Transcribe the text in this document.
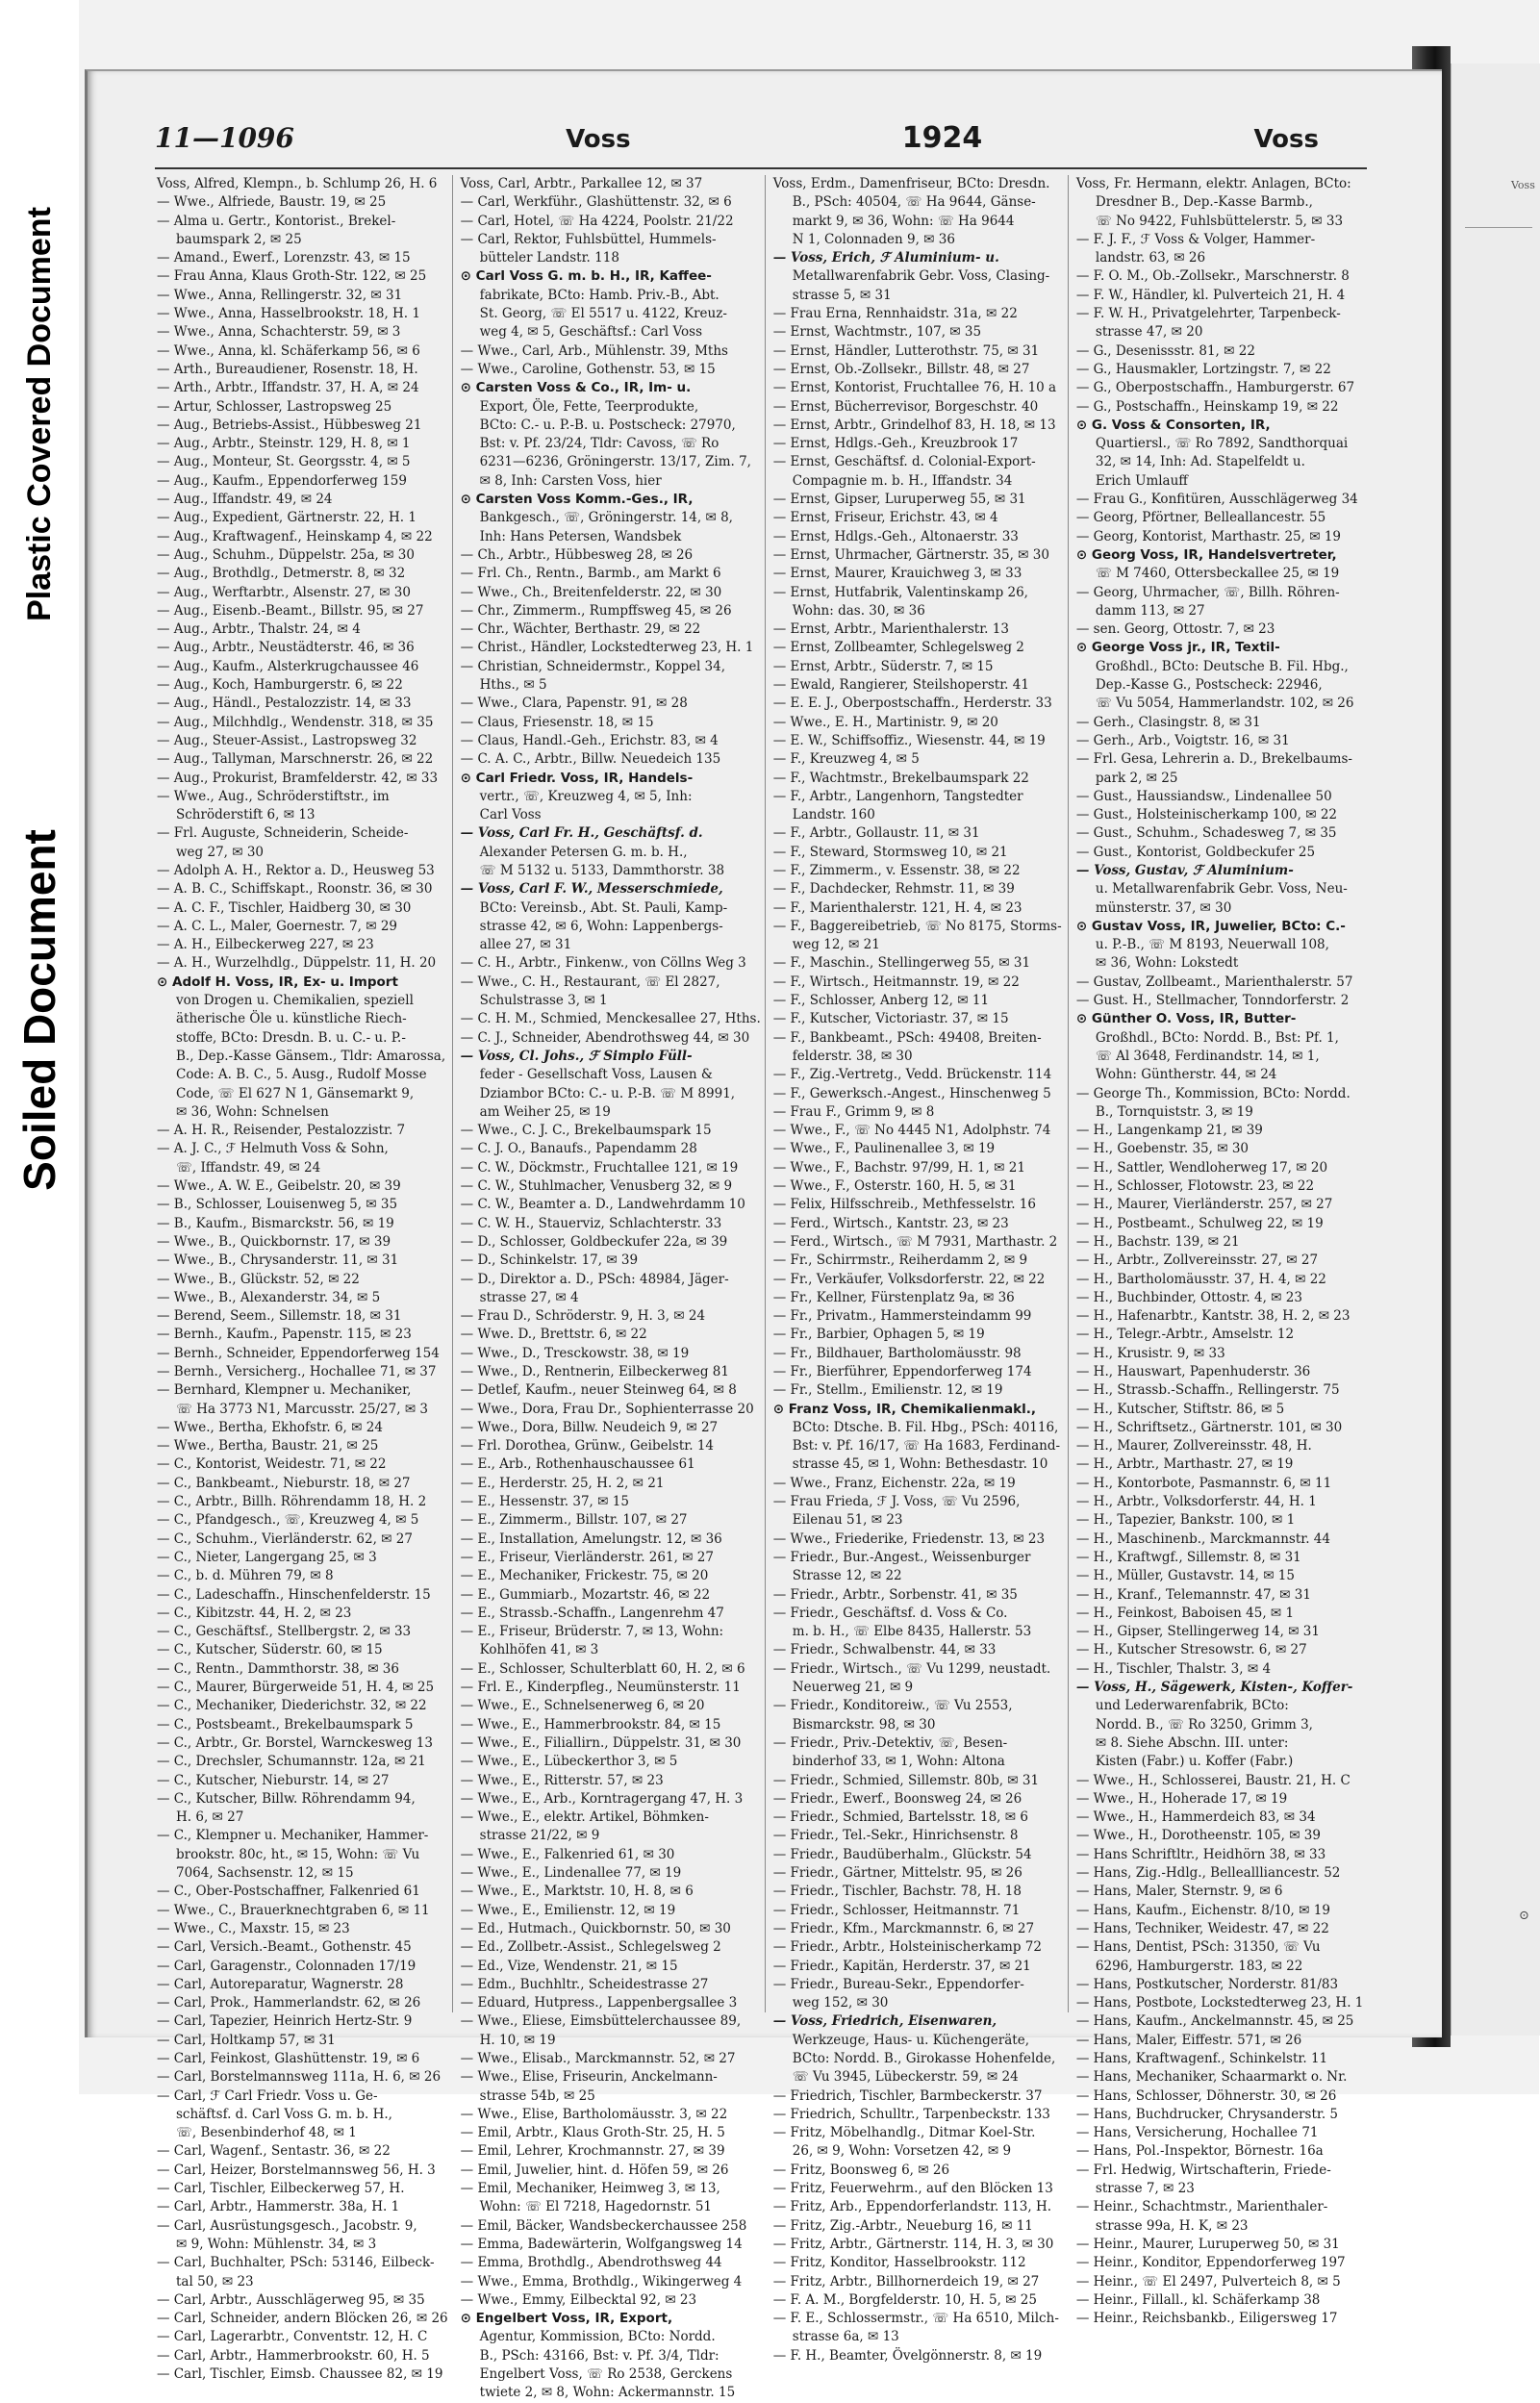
Plastic Covered Document
Soiled Document
Voss
⊙
11—1096	Voss	1924	Voss
Voss, Alfred, Klempn., b. Schlump 26, H. 6
— Wwe., Alfriede, Baustr. 19, ✉ 25
— Alma u. Gertr., Kontorist., Brekel-
baumspark 2, ✉ 25
— Amand., Ewerf., Lorenzstr. 43, ✉ 15
— Frau Anna, Klaus Groth-Str. 122, ✉ 25
— Wwe., Anna, Rellingerstr. 32, ✉ 31
— Wwe., Anna, Hasselbrookstr. 18, H. 1
— Wwe., Anna, Schachterstr. 59, ✉ 3
— Wwe., Anna, kl. Schäferkamp 56, ✉ 6
— Arth., Bureaudiener, Rosenstr. 18, H.
— Arth., Arbtr., Iffandstr. 37, H. A, ✉ 24
— Artur, Schlosser, Lastropsweg 25
— Aug., Betriebs-Assist., Hübbesweg 21
— Aug., Arbtr., Steinstr. 129, H. 8, ✉ 1
— Aug., Monteur, St. Georgsstr. 4, ✉ 5
— Aug., Kaufm., Eppendorferweg 159
— Aug., Iffandstr. 49, ✉ 24
— Aug., Expedient, Gärtnerstr. 22, H. 1
— Aug., Kraftwagenf., Heinskamp 4, ✉ 22
— Aug., Schuhm., Düppelstr. 25a, ✉ 30
— Aug., Brothdlg., Detmerstr. 8, ✉ 32
— Aug., Werftarbtr., Alsenstr. 27, ✉ 30
— Aug., Eisenb.-Beamt., Billstr. 95, ✉ 27
— Aug., Arbtr., Thalstr. 24, ✉ 4
— Aug., Arbtr., Neustädterstr. 46, ✉ 36
— Aug., Kaufm., Alsterkrugchaussee 46
— Aug., Koch, Hamburgerstr. 6, ✉ 22
— Aug., Händl., Pestalozzistr. 14, ✉ 33
— Aug., Milchhdlg., Wendenstr. 318, ✉ 35
— Aug., Steuer-Assist., Lastropsweg 32
— Aug., Tallyman, Marschnerstr. 26, ✉ 22
— Aug., Prokurist, Bramfelderstr. 42, ✉ 33
— Wwe., Aug., Schröderstiftstr., im
Schröderstift 6, ✉ 13
— Frl. Auguste, Schneiderin, Scheide-
weg 27, ✉ 30
— Adolph A. H., Rektor a. D., Heusweg 53
— A. B. C., Schiffskapt., Roonstr. 36, ✉ 30
— A. C. F., Tischler, Haidberg 30, ✉ 30
— A. C. L., Maler, Goernestr. 7, ✉ 29
— A. H., Eilbeckerweg 227, ✉ 23
— A. H., Wurzelhdlg., Düppelstr. 11, H. 20
⊙ Adolf H. Voss, IR, Ex- u. Import
von Drogen u. Chemikalien, speziell
ätherische Öle u. künstliche Riech-
stoffe, BCto: Dresdn. B. u. C.- u. P.-
B., Dep.-Kasse Gänsem., Tldr: Amarossa,
Code: A. B. C., 5. Ausg., Rudolf Mosse
Code, ☏ El 627 N 1, Gänsemarkt 9,
✉ 36, Wohn: Schnelsen
— A. H. R., Reisender, Pestalozzistr. 7
— A. J. C., ℱ Helmuth Voss & Sohn,
☏, Iffandstr. 49, ✉ 24
— Wwe., A. W. E., Geibelstr. 20, ✉ 39
— B., Schlosser, Louisenweg 5, ✉ 35
— B., Kaufm., Bismarckstr. 56, ✉ 19
— Wwe., B., Quickbornstr. 17, ✉ 39
— Wwe., B., Chrysanderstr. 11, ✉ 31
— Wwe., B., Glückstr. 52, ✉ 22
— Wwe., B., Alexanderstr. 34, ✉ 5
— Berend, Seem., Sillemstr. 18, ✉ 31
— Bernh., Kaufm., Papenstr. 115, ✉ 23
— Bernh., Schneider, Eppendorferweg 154
— Bernh., Versicherg., Hochallee 71, ✉ 37
— Bernhard, Klempner u. Mechaniker,
☏ Ha 3773 N1, Marcusstr. 25/27, ✉ 3
— Wwe., Bertha, Ekhofstr. 6, ✉ 24
— Wwe., Bertha, Baustr. 21, ✉ 25
— C., Kontorist, Weidestr. 71, ✉ 22
— C., Bankbeamt., Nieburstr. 18, ✉ 27
— C., Arbtr., Billh. Röhrendamm 18, H. 2
— C., Pfandgesch., ☏, Kreuzweg 4, ✉ 5
— C., Schuhm., Vierländerstr. 62, ✉ 27
— C., Nieter, Langergang 25, ✉ 3
— C., b. d. Mühren 79, ✉ 8
— C., Ladeschaffn., Hinschenfelderstr. 15
— C., Kibitzstr. 44, H. 2, ✉ 23
— C., Geschäftsf., Stellbergstr. 2, ✉ 33
— C., Kutscher, Süderstr. 60, ✉ 15
— C., Rentn., Dammthorstr. 38, ✉ 36
— C., Maurer, Bürgerweide 51, H. 4, ✉ 25
— C., Mechaniker, Diederichstr. 32, ✉ 22
— C., Postsbeamt., Brekelbaumspark 5
— C., Arbtr., Gr. Borstel, Warnckesweg 13
— C., Drechsler, Schumannstr. 12a, ✉ 21
— C., Kutscher, Nieburstr. 14, ✉ 27
— C., Kutscher, Billw. Röhrendamm 94,
H. 6, ✉ 27
— C., Klempner u. Mechaniker, Hammer-
brookstr. 80c, ht., ✉ 15, Wohn: ☏ Vu
7064, Sachsenstr. 12, ✉ 15
— C., Ober-Postschaffner, Falkenried 61
— Wwe., C., Brauerknechtgraben 6, ✉ 11
— Wwe., C., Maxstr. 15, ✉ 23
— Carl, Versich.-Beamt., Gothenstr. 45
— Carl, Garagenstr., Colonnaden 17/19
— Carl, Autoreparatur, Wagnerstr. 28
— Carl, Prok., Hammerlandstr. 62, ✉ 26
— Carl, Tapezier, Heinrich Hertz-Str. 9
— Carl, Holtkamp 57, ✉ 31
— Carl, Feinkost, Glashüttenstr. 19, ✉ 6
— Carl, Borstelmannsweg 111a, H. 6, ✉ 26
— Carl, ℱ Carl Friedr. Voss u. Ge-
schäftsf. d. Carl Voss G. m. b. H.,
☏, Besenbinderhof 48, ✉ 1
— Carl, Wagenf., Sentastr. 36, ✉ 22
— Carl, Heizer, Borstelmannsweg 56, H. 3
— Carl, Tischler, Eilbeckerweg 57, H.
— Carl, Arbtr., Hammerstr. 38a, H. 1
— Carl, Ausrüstungsgesch., Jacobstr. 9,
✉ 9, Wohn: Mühlenstr. 34, ✉ 3
— Carl, Buchhalter, PSch: 53146, Eilbeck-
tal 50, ✉ 23
— Carl, Arbtr., Ausschlägerweg 95, ✉ 35
— Carl, Schneider, andern Blöcken 26, ✉ 26
— Carl, Lagerarbtr., Conventstr. 12, H. C
— Carl, Arbtr., Hammerbrookstr. 60, H. 5
— Carl, Tischler, Eimsb. Chaussee 82, ✉ 19
Voss, Carl, Arbtr., Parkallee 12, ✉ 37
— Carl, Werkführ., Glashüttenstr. 32, ✉ 6
— Carl, Hotel, ☏ Ha 4224, Poolstr. 21/22
— Carl, Rektor, Fuhlsbüttel, Hummels-
bütteler Landstr. 118
⊙ Carl Voss G. m. b. H., IR, Kaffee-
fabrikate, BCto: Hamb. Priv.-B., Abt.
St. Georg, ☏ El 5517 u. 4122, Kreuz-
weg 4, ✉ 5, Geschäftsf.: Carl Voss
— Wwe., Carl, Arb., Mühlenstr. 39, Mths
— Wwe., Caroline, Gothenstr. 53, ✉ 15
⊙ Carsten Voss & Co., IR, Im- u.
Export, Öle, Fette, Teerprodukte,
BCto: C.- u. P.-B. u. Postscheck: 27970,
Bst: v. Pf. 23/24, Tldr: Cavoss, ☏ Ro
6231—6236, Gröningerstr. 13/17, Zim. 7,
✉ 8, Inh: Carsten Voss, hier
⊙ Carsten Voss Komm.-Ges., IR,
Bankgesch., ☏, Gröningerstr. 14, ✉ 8,
Inh: Hans Petersen, Wandsbek
— Ch., Arbtr., Hübbesweg 28, ✉ 26
— Frl. Ch., Rentn., Barmb., am Markt 6
— Wwe., Ch., Breitenfelderstr. 22, ✉ 30
— Chr., Zimmerm., Rumpffsweg 45, ✉ 26
— Chr., Wächter, Berthastr. 29, ✉ 22
— Christ., Händler, Lockstedterweg 23, H. 1
— Christian, Schneidermstr., Koppel 34,
Hths., ✉ 5
— Wwe., Clara, Papenstr. 91, ✉ 28
— Claus, Friesenstr. 18, ✉ 15
— Claus, Handl.-Geh., Erichstr. 83, ✉ 4
— C. A. C., Arbtr., Billw. Neuedeich 135
⊙ Carl Friedr. Voss, IR, Handels-
vertr., ☏, Kreuzweg 4, ✉ 5, Inh:
Carl Voss
— Voss, Carl Fr. H., Geschäftsf. d.
Alexander Petersen G. m. b. H.,
☏ M 5132 u. 5133, Dammthorstr. 38
— Voss, Carl F. W., Messerschmiede,
BCto: Vereinsb., Abt. St. Pauli, Kamp-
strasse 42, ✉ 6, Wohn: Lappenbergs-
allee 27, ✉ 31
— C. H., Arbtr., Finkenw., von Cöllns Weg 3
— Wwe., C. H., Restaurant, ☏ El 2827,
Schulstrasse 3, ✉ 1
— C. H. M., Schmied, Menckesallee 27, Hths.
— C. J., Schneider, Abendrothsweg 44, ✉ 30
— Voss, Cl. Johs., ℱ Simplo Füll-
feder - Gesellschaft Voss, Lausen &
Dziambor BCto: C.- u. P.-B. ☏ M 8991,
am Weiher 25, ✉ 19
— Wwe., C. J. C., Brekelbaumspark 15
— C. J. O., Banaufs., Papendamm 28
— C. W., Döckmstr., Fruchtallee 121, ✉ 19
— C. W., Stuhlmacher, Venusberg 32, ✉ 9
— C. W., Beamter a. D., Landwehrdamm 10
— C. W. H., Stauerviz, Schlachterstr. 33
— D., Schlosser, Goldbeckufer 22a, ✉ 39
— D., Schinkelstr. 17, ✉ 39
— D., Direktor a. D., PSch: 48984, Jäger-
strasse 27, ✉ 4
— Frau D., Schröderstr. 9, H. 3, ✉ 24
— Wwe. D., Brettstr. 6, ✉ 22
— Wwe., D., Tresckowstr. 38, ✉ 19
— Wwe., D., Rentnerin, Eilbeckerweg 81
— Detlef, Kaufm., neuer Steinweg 64, ✉ 8
— Wwe., Dora, Frau Dr., Sophienterrasse 20
— Wwe., Dora, Billw. Neudeich 9, ✉ 27
— Frl. Dorothea, Grünw., Geibelstr. 14
— E., Arb., Rothenhauschaussee 61
— E., Herderstr. 25, H. 2, ✉ 21
— E., Hessenstr. 37, ✉ 15
— E., Zimmerm., Billstr. 107, ✉ 27
— E., Installation, Amelungstr. 12, ✉ 36
— E., Friseur, Vierländerstr. 261, ✉ 27
— E., Mechaniker, Frickestr. 75, ✉ 20
— E., Gummiarb., Mozartstr. 46, ✉ 22
— E., Strassb.-Schaffn., Langenrehm 47
— E., Friseur, Brüderstr. 7, ✉ 13, Wohn:
Kohlhöfen 41, ✉ 3
— E., Schlosser, Schulterblatt 60, H. 2, ✉ 6
— Frl. E., Kinderpfleg., Neumünsterstr. 11
— Wwe., E., Schnelsenerweg 6, ✉ 20
— Wwe., E., Hammerbrookstr. 84, ✉ 15
— Wwe., E., Filiallirn., Düppelstr. 31, ✉ 30
— Wwe., E., Lübeckerthor 3, ✉ 5
— Wwe., E., Ritterstr. 57, ✉ 23
— Wwe., E., Arb., Korntragergang 47, H. 3
— Wwe., E., elektr. Artikel, Böhmken-
strasse 21/22, ✉ 9
— Wwe., E., Falkenried 61, ✉ 30
— Wwe., E., Lindenallee 77, ✉ 19
— Wwe., E., Marktstr. 10, H. 8, ✉ 6
— Wwe., E., Emilienstr. 12, ✉ 19
— Ed., Hutmach., Quickbornstr. 50, ✉ 30
— Ed., Zollbetr.-Assist., Schlegelsweg 2
— Ed., Vize, Wendenstr. 21, ✉ 15
— Edm., Buchhltr., Scheidestrasse 27
— Eduard, Hutpress., Lappenbergsallee 3
— Wwe., Eliese, Eimsbüttelerchaussee 89,
H. 10, ✉ 19
— Wwe., Elisab., Marckmannstr. 52, ✉ 27
— Wwe., Elise, Friseurin, Anckelmann-
strasse 54b, ✉ 25
— Wwe., Elise, Bartholomäusstr. 3, ✉ 22
— Emil, Arbtr., Klaus Groth-Str. 25, H. 5
— Emil, Lehrer, Krochmannstr. 27, ✉ 39
— Emil, Juwelier, hint. d. Höfen 59, ✉ 26
— Emil, Mechaniker, Heimweg 3, ✉ 13,
Wohn: ☏ El 7218, Hagedornstr. 51
— Emil, Bäcker, Wandsbeckerchaussee 258
— Emma, Badewärterin, Wolfgangsweg 14
— Emma, Brothdlg., Abendrothsweg 44
— Wwe., Emma, Brothdlg., Wikingerweg 4
— Wwe., Emmy, Eilbecktal 92, ✉ 23
⊙ Engelbert Voss, IR, Export,
Agentur, Kommission, BCto: Nordd.
B., PSch: 43166, Bst: v. Pf. 3/4, Tldr:
Engelbert Voss, ☏ Ro 2538, Gerckens
twiete 2, ✉ 8, Wohn: Ackermannstr. 15
Voss, Erdm., Damenfriseur, BCto: Dresdn.
B., PSch: 40504, ☏ Ha 9644, Gänse-
markt 9, ✉ 36, Wohn: ☏ Ha 9644
N 1, Colonnaden 9, ✉ 36
— Voss, Erich, ℱ Aluminium- u.
Metallwarenfabrik Gebr. Voss, Clasing-
strasse 5, ✉ 31
— Frau Erna, Rennhaidstr. 31a, ✉ 22
— Ernst, Wachtmstr., 107, ✉ 35
— Ernst, Händler, Lutterothstr. 75, ✉ 31
— Ernst, Ob.-Zollsekr., Billstr. 48, ✉ 27
— Ernst, Kontorist, Fruchtallee 76, H. 10 a
— Ernst, Bücherrevisor, Borgeschstr. 40
— Ernst, Arbtr., Grindelhof 83, H. 18, ✉ 13
— Ernst, Hdlgs.-Geh., Kreuzbrook 17
— Ernst, Geschäftsf. d. Colonial-Export-
Compagnie m. b. H., Iffandstr. 34
— Ernst, Gipser, Luruperweg 55, ✉ 31
— Ernst, Friseur, Erichstr. 43, ✉ 4
— Ernst, Hdlgs.-Geh., Altonaerstr. 33
— Ernst, Uhrmacher, Gärtnerstr. 35, ✉ 30
— Ernst, Maurer, Krauichweg 3, ✉ 33
— Ernst, Hutfabrik, Valentinskamp 26,
Wohn: das. 30, ✉ 36
— Ernst, Arbtr., Marienthalerstr. 13
— Ernst, Zollbeamter, Schlegelsweg 2
— Ernst, Arbtr., Süderstr. 7, ✉ 15
— Ewald, Rangierer, Steilshoperstr. 41
— E. E. J., Oberpostschaffn., Herderstr. 33
— Wwe., E. H., Martinistr. 9, ✉ 20
— E. W., Schiffsoffiz., Wiesenstr. 44, ✉ 19
— F., Kreuzweg 4, ✉ 5
— F., Wachtmstr., Brekelbaumspark 22
— F., Arbtr., Langenhorn, Tangstedter
Landstr. 160
— F., Arbtr., Gollaustr. 11, ✉ 31
— F., Steward, Stormsweg 10, ✉ 21
— F., Zimmerm., v. Essenstr. 38, ✉ 22
— F., Dachdecker, Rehmstr. 11, ✉ 39
— F., Marienthalerstr. 121, H. 4, ✉ 23
— F., Baggereibetrieb, ☏ No 8175, Storms-
weg 12, ✉ 21
— F., Maschin., Stellingerweg 55, ✉ 31
— F., Wirtsch., Heitmannstr. 19, ✉ 22
— F., Schlosser, Anberg 12, ✉ 11
— F., Kutscher, Victoriastr. 37, ✉ 15
— F., Bankbeamt., PSch: 49408, Breiten-
felderstr. 38, ✉ 30
— F., Zig.-Vertretg., Vedd. Brückenstr. 114
— F., Gewerksch.-Angest., Hinschenweg 5
— Frau F., Grimm 9, ✉ 8
— Wwe., F., ☏ No 4445 N1, Adolphstr. 74
— Wwe., F., Paulinenallee 3, ✉ 19
— Wwe., F., Bachstr. 97/99, H. 1, ✉ 21
— Wwe., F., Osterstr. 160, H. 5, ✉ 31
— Felix, Hilfsschreib., Methfesselstr. 16
— Ferd., Wirtsch., Kantstr. 23, ✉ 23
— Ferd., Wirtsch., ☏ M 7931, Marthastr. 2
— Fr., Schirrmstr., Reiherdamm 2, ✉ 9
— Fr., Verkäufer, Volksdorferstr. 22, ✉ 22
— Fr., Kellner, Fürstenplatz 9a, ✉ 36
— Fr., Privatm., Hammersteindamm 99
— Fr., Barbier, Ophagen 5, ✉ 19
— Fr., Bildhauer, Bartholomäusstr. 98
— Fr., Bierführer, Eppendorferweg 174
— Fr., Stellm., Emilienstr. 12, ✉ 19
⊙ Franz Voss, IR, Chemikalienmakl.,
BCto: Dtsche. B. Fil. Hbg., PSch: 40116,
Bst: v. Pf. 16/17, ☏ Ha 1683, Ferdinand-
strasse 45, ✉ 1, Wohn: Bethesdastr. 10
— Wwe., Franz, Eichenstr. 22a, ✉ 19
— Frau Frieda, ℱ J. Voss, ☏ Vu 2596,
Eilenau 51, ✉ 23
— Wwe., Friederike, Friedenstr. 13, ✉ 23
— Friedr., Bur.-Angest., Weissenburger
Strasse 12, ✉ 22
— Friedr., Arbtr., Sorbenstr. 41, ✉ 35
— Friedr., Geschäftsf. d. Voss & Co.
m. b. H., ☏ Elbe 8435, Hallerstr. 53
— Friedr., Schwalbenstr. 44, ✉ 33
— Friedr., Wirtsch., ☏ Vu 1299, neustadt.
Neuerweg 21, ✉ 9
— Friedr., Konditoreiw., ☏ Vu 2553,
Bismarckstr. 98, ✉ 30
— Friedr., Priv.-Detektiv, ☏, Besen-
binderhof 33, ✉ 1, Wohn: Altona
— Friedr., Schmied, Sillemstr. 80b, ✉ 31
— Friedr., Ewerf., Boonsweg 24, ✉ 26
— Friedr., Schmied, Bartelsstr. 18, ✉ 6
— Friedr., Tel.-Sekr., Hinrichsenstr. 8
— Friedr., Baudüberhalm., Glückstr. 54
— Friedr., Gärtner, Mittelstr. 95, ✉ 26
— Friedr., Tischler, Bachstr. 78, H. 18
— Friedr., Schlosser, Heitmannstr. 71
— Friedr., Kfm., Marckmannstr. 6, ✉ 27
— Friedr., Arbtr., Holsteinischerkamp 72
— Friedr., Kapitän, Herderstr. 37, ✉ 21
— Friedr., Bureau-Sekr., Eppendorfer-
weg 152, ✉ 30
— Voss, Friedrich, Eisenwaren,
Werkzeuge, Haus- u. Küchengeräte,
BCto: Nordd. B., Girokasse Hohenfelde,
☏ Vu 3945, Lübeckerstr. 59, ✉ 24
— Friedrich, Tischler, Barmbeckerstr. 37
— Friedrich, Schulltr., Tarpenbeckstr. 133
— Fritz, Möbelhandlg., Ditmar Koel-Str.
26, ✉ 9, Wohn: Vorsetzen 42, ✉ 9
— Fritz, Boonsweg 6, ✉ 26
— Fritz, Feuerwehrm., auf den Blöcken 13
— Fritz, Arb., Eppendorferlandstr. 113, H.
— Fritz, Zig.-Arbtr., Neueburg 16, ✉ 11
— Fritz, Arbtr., Gärtnerstr. 114, H. 3, ✉ 30
— Fritz, Konditor, Hasselbrookstr. 112
— Fritz, Arbtr., Billhornerdeich 19, ✉ 27
— F. A. M., Borgfelderstr. 10, H. 5, ✉ 25
— F. E., Schlossermstr., ☏ Ha 6510, Milch-
strasse 6a, ✉ 13
— F. H., Beamter, Övelgönnerstr. 8, ✉ 19
Voss, Fr. Hermann, elektr. Anlagen, BCto:
Dresdner B., Dep.-Kasse Barmb.,
☏ No 9422, Fuhlsbüttelerstr. 5, ✉ 33
— F. J. F., ℱ Voss & Volger, Hammer-
landstr. 63, ✉ 26
— F. O. M., Ob.-Zollsekr., Marschnerstr. 8
— F. W., Händler, kl. Pulverteich 21, H. 4
— F. W. H., Privatgelehrter, Tarpenbeck-
strasse 47, ✉ 20
— G., Desenissstr. 81, ✉ 22
— G., Hausmakler, Lortzingstr. 7, ✉ 22
— G., Oberpostschaffn., Hamburgerstr. 67
— G., Postschaffn., Heinskamp 19, ✉ 22
⊙ G. Voss & Consorten, IR,
Quartiersl., ☏ Ro 7892, Sandthorquai
32, ✉ 14, Inh: Ad. Stapelfeldt u.
Erich Umlauff
— Frau G., Konfitüren, Ausschlägerweg 34
— Georg, Pförtner, Belleallancestr. 55
— Georg, Kontorist, Marthastr. 25, ✉ 19
⊙ Georg Voss, IR, Handelsvertreter,
☏ M 7460, Ottersbeckallee 25, ✉ 19
— Georg, Uhrmacher, ☏, Billh. Röhren-
damm 113, ✉ 27
— sen. Georg, Ottostr. 7, ✉ 23
⊙ George Voss jr., IR, Textil-
Großhdl., BCto: Deutsche B. Fil. Hbg.,
Dep.-Kasse G., Postscheck: 22946,
☏ Vu 5054, Hammerlandstr. 102, ✉ 26
— Gerh., Clasingstr. 8, ✉ 31
— Gerh., Arb., Voigtstr. 16, ✉ 31
— Frl. Gesa, Lehrerin a. D., Brekelbaums-
park 2, ✉ 25
— Gust., Haussiandsw., Lindenallee 50
— Gust., Holsteinischerkamp 100, ✉ 22
— Gust., Schuhm., Schadesweg 7, ✉ 35
— Gust., Kontorist, Goldbeckufer 25
— Voss, Gustav, ℱ Aluminium-
u. Metallwarenfabrik Gebr. Voss, Neu-
münsterstr. 37, ✉ 30
⊙ Gustav Voss, IR, Juwelier, BCto: C.-
u. P.-B., ☏ M 8193, Neuerwall 108,
✉ 36, Wohn: Lokstedt
— Gustav, Zollbeamt., Marienthalerstr. 57
— Gust. H., Stellmacher, Tonndorferstr. 2
⊙ Günther O. Voss, IR, Butter-
Großhdl., BCto: Nordd. B., Bst: Pf. 1,
☏ Al 3648, Ferdinandstr. 14, ✉ 1,
Wohn: Güntherstr. 44, ✉ 24
— George Th., Kommission, BCto: Nordd.
B., Tornquiststr. 3, ✉ 19
— H., Langenkamp 21, ✉ 39
— H., Goebenstr. 35, ✉ 30
— H., Sattler, Wendloherweg 17, ✉ 20
— H., Schlosser, Flotowstr. 23, ✉ 22
— H., Maurer, Vierländerstr. 257, ✉ 27
— H., Postbeamt., Schulweg 22, ✉ 19
— H., Bachstr. 139, ✉ 21
— H., Arbtr., Zollvereinsstr. 27, ✉ 27
— H., Bartholomäusstr. 37, H. 4, ✉ 22
— H., Buchbinder, Ottostr. 4, ✉ 23
— H., Hafenarbtr., Kantstr. 38, H. 2, ✉ 23
— H., Telegr.-Arbtr., Amselstr. 12
— H., Krusistr. 9, ✉ 33
— H., Hauswart, Papenhuderstr. 36
— H., Strassb.-Schaffn., Rellingerstr. 75
— H., Kutscher, Stiftstr. 86, ✉ 5
— H., Schriftsetz., Gärtnerstr. 101, ✉ 30
— H., Maurer, Zollvereinsstr. 48, H.
— H., Arbtr., Marthastr. 27, ✉ 19
— H., Kontorbote, Pasmannstr. 6, ✉ 11
— H., Arbtr., Volksdorferstr. 44, H. 1
— H., Tapezier, Bankstr. 100, ✉ 1
— H., Maschinenb., Marckmannstr. 44
— H., Kraftwgf., Sillemstr. 8, ✉ 31
— H., Müller, Gustavstr. 14, ✉ 15
— H., Kranf., Telemannstr. 47, ✉ 31
— H., Feinkost, Baboisen 45, ✉ 1
— H., Gipser, Stellingerweg 14, ✉ 31
— H., Kutscher Stresowstr. 6, ✉ 27
— H., Tischler, Thalstr. 3, ✉ 4
— Voss, H., Sägewerk, Kisten-, Koffer-
und Lederwarenfabrik, BCto:
Nordd. B., ☏ Ro 3250, Grimm 3,
✉ 8. Siehe Abschn. III. unter:
Kisten (Fabr.) u. Koffer (Fabr.)
— Wwe., H., Schlosserei, Baustr. 21, H. C
— Wwe., H., Hoherade 17, ✉ 19
— Wwe., H., Hammerdeich 83, ✉ 34
— Wwe., H., Dorotheenstr. 105, ✉ 39
— Hans Schriftltr., Heidhörn 38, ✉ 33
— Hans, Zig.-Hdlg., Belleallliancestr. 52
— Hans, Maler, Sternstr. 9, ✉ 6
— Hans, Kaufm., Eichenstr. 8/10, ✉ 19
— Hans, Techniker, Weidestr. 47, ✉ 22
— Hans, Dentist, PSch: 31350, ☏ Vu
6296, Hamburgerstr. 183, ✉ 22
— Hans, Postkutscher, Norderstr. 81/83
— Hans, Postbote, Lockstedterweg 23, H. 1
— Hans, Kaufm., Anckelmannstr. 45, ✉ 25
— Hans, Maler, Eiffestr. 571, ✉ 26
— Hans, Kraftwagenf., Schinkelstr. 11
— Hans, Mechaniker, Schaarmarkt o. Nr.
— Hans, Schlosser, Döhnerstr. 30, ✉ 26
— Hans, Buchdrucker, Chrysanderstr. 5
— Hans, Versicherung, Hochallee 71
— Hans, Pol.-Inspektor, Börnestr. 16a
— Frl. Hedwig, Wirtschafterin, Friede-
strasse 7, ✉ 23
— Heinr., Schachtmstr., Marienthaler-
strasse 99a, H. K, ✉ 23
— Heinr., Maurer, Luruperweg 50, ✉ 31
— Heinr., Konditor, Eppendorferweg 197
— Heinr., ☏ El 2497, Pulverteich 8, ✉ 5
— Heinr., Fillall., kl. Schäferkamp 38
— Heinr., Reichsbankb., Eiligersweg 17
